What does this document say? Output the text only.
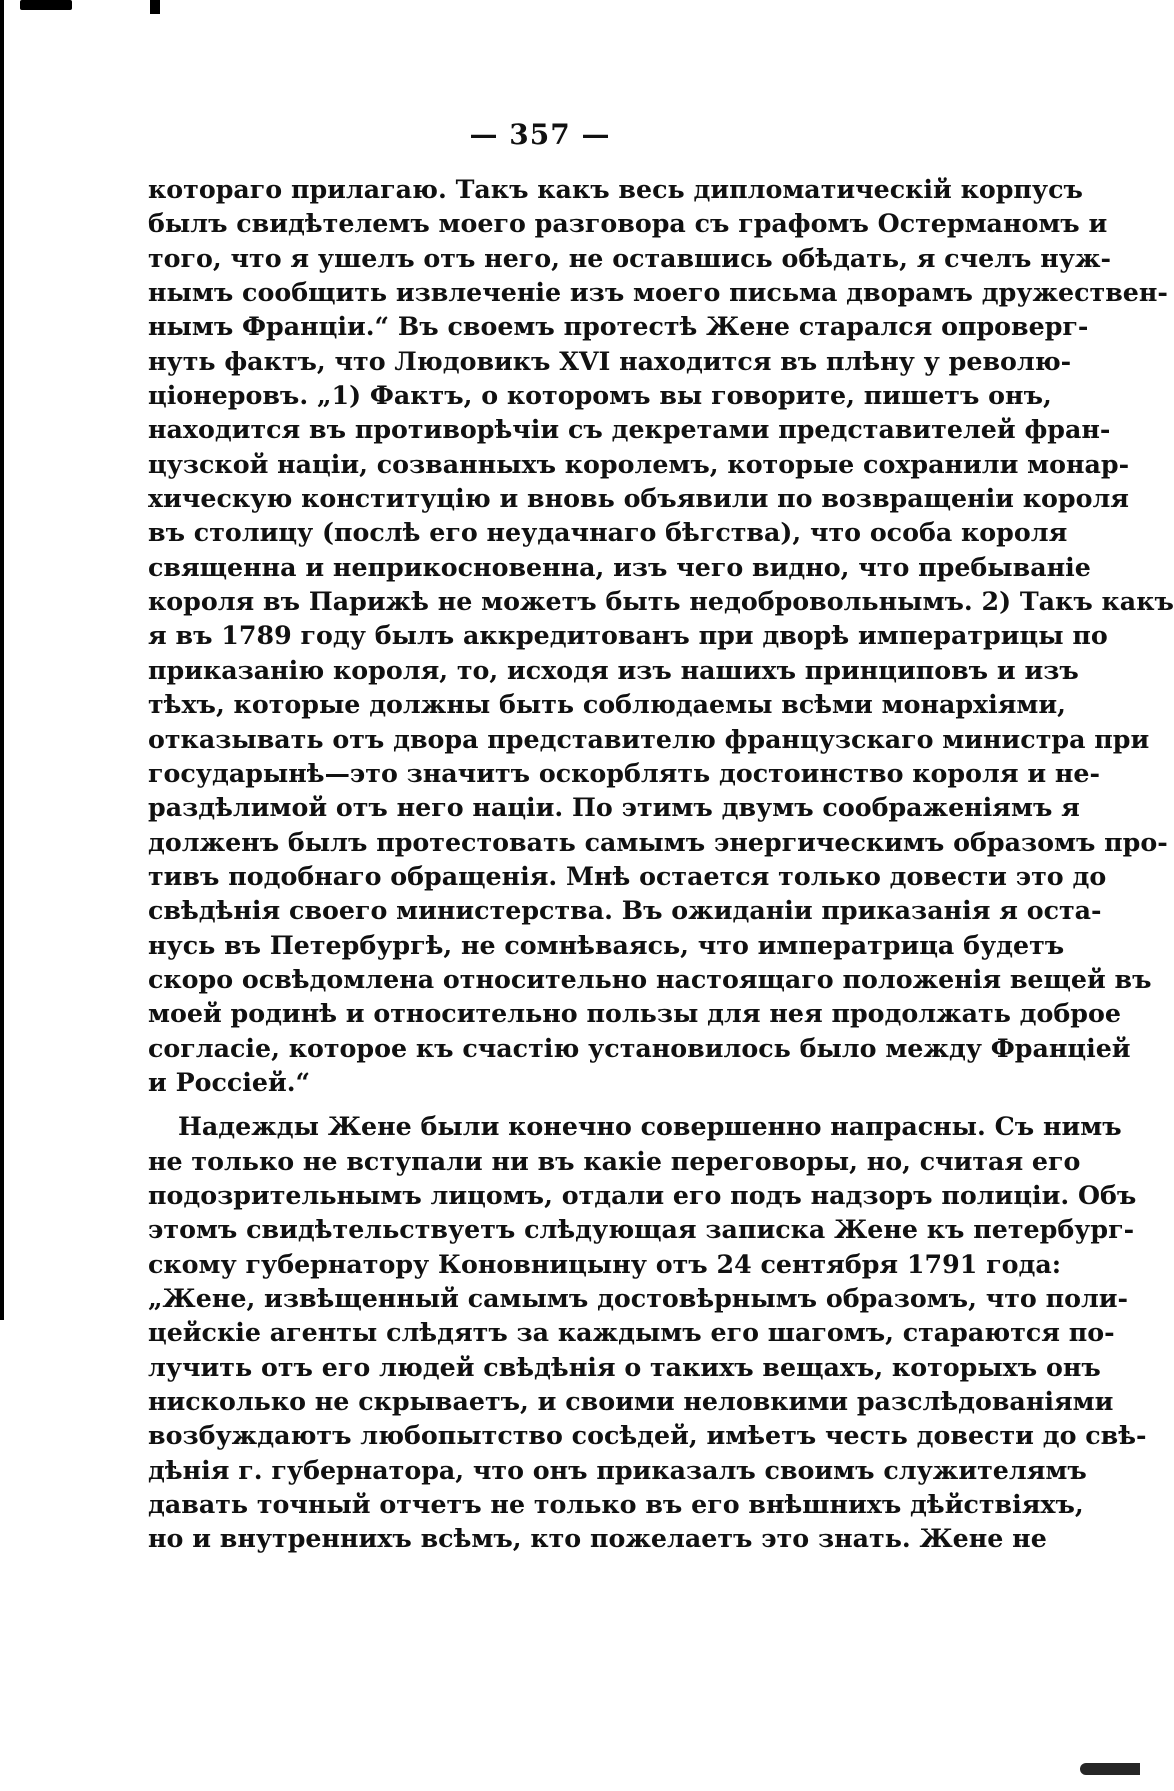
— 357 —
котораго прилагаю. Такъ какъ весь дипломатическій корпусъ
былъ свидѣтелемъ моего разговора съ графомъ Остерманомъ и
того, что я ушелъ отъ него, не оставшись обѣдать, я счелъ нуж-
нымъ сообщить извлеченіе изъ моего письма дворамъ дружествен-
нымъ Франціи.“ Въ своемъ протестѣ Жене старался опроверг-
нуть фактъ, что Людовикъ XVI находится въ плѣну у револю-
ціонеровъ. „1) Фактъ, о которомъ вы говорите, пишетъ онъ,
находится въ противорѣчіи съ декретами представителей фран-
цузской націи, созванныхъ королемъ, которые сохранили монар-
хическую конституцію и вновь объявили по возвращеніи короля
въ столицу (послѣ его неудачнаго бѣгства), что особа короля
священна и неприкосновенна, изъ чего видно, что пребываніе
короля въ Парижѣ не можетъ быть недобровольнымъ. 2) Такъ какъ
я въ 1789 году былъ аккредитованъ при дворѣ императрицы по
приказанію короля, то, исходя изъ нашихъ принциповъ и изъ
тѣхъ, которые должны быть соблюдаемы всѣми монархіями,
отказывать отъ двора представителю французскаго министра при
государынѣ—это значитъ оскорблять достоинство короля и не-
раздѣлимой отъ него націи. По этимъ двумъ соображеніямъ я
долженъ былъ протестовать самымъ энергическимъ образомъ про-
тивъ подобнаго обращенія. Мнѣ остается только довести это до
свѣдѣнія своего министерства. Въ ожиданіи приказанія я оста-
нусь въ Петербургѣ, не сомнѣваясь, что императрица будетъ
скоро освѣдомлена относительно настоящаго положенія вещей въ
моей родинѣ и относительно пользы для нея продолжать доброе
согласіе, которое къ счастію установилось было между Франціей
и Россіей.“
Надежды Жене были конечно совершенно напрасны. Съ нимъ
не только не вступали ни въ какіе переговоры, но, считая его
подозрительнымъ лицомъ, отдали его подъ надзоръ полиціи. Объ
этомъ свидѣтельствуетъ слѣдующая записка Жене къ петербург-
скому губернатору Коновницыну отъ 24 сентября 1791 года:
„Жене, извѣщенный самымъ достовѣрнымъ образомъ, что поли-
цейскіе агенты слѣдятъ за каждымъ его шагомъ, стараются по-
лучить отъ его людей свѣдѣнія о такихъ вещахъ, которыхъ онъ
нисколько не скрываетъ, и своими неловкими разслѣдованіями
возбуждаютъ любопытство сосѣдей, имѣетъ честь довести до свѣ-
дѣнія г. губернатора, что онъ приказалъ своимъ служителямъ
давать точный отчетъ не только въ его внѣшнихъ дѣйствіяхъ,
но и внутреннихъ всѣмъ, кто пожелаетъ это знать. Жене не
